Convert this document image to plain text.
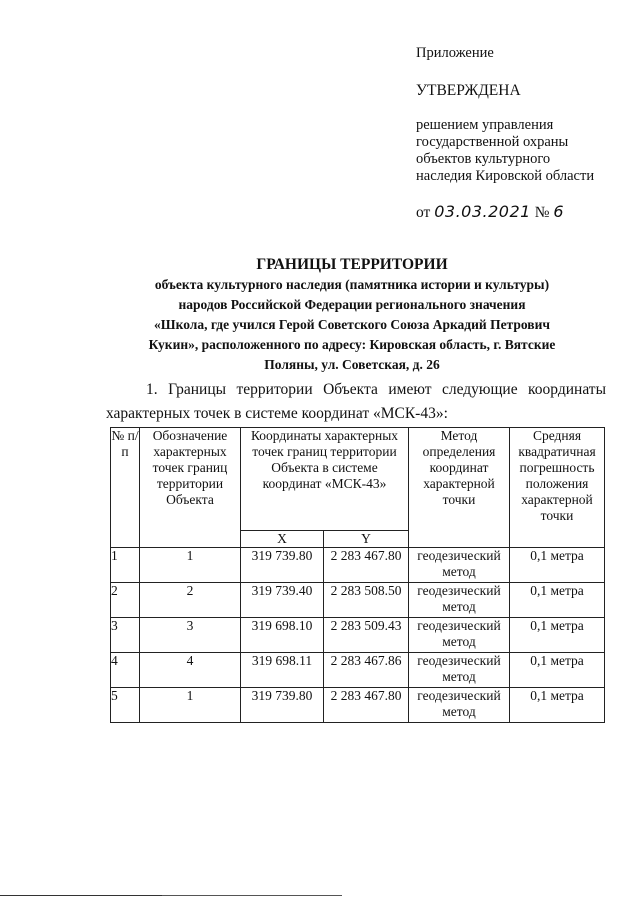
Приложение
УТВЕРЖДЕНА
решением управления
государственной охраны
объектов культурного
наследия Кировской области
от 03.03.2021 № 6
ГРАНИЦЫ ТЕРРИТОРИИ
объекта культурного наследия (памятника истории и культуры)
народов Российской Федерации регионального значения
«Школа, где учился Герой Советского Союза Аркадий Петрович
Кукин», расположенного по адресу: Кировская область, г. Вятские
Поляны, ул. Советская, д. 26
1. Границы территории Объекта имеют следующие координаты
характерных точек в системе координат «МСК-43»:
№ п/п	Обозначение характерных точек границ территории Объекта	Координаты характерных точек границ территории Объекта в системе координат «МСК-43»		Метод определения координат характерной точки	Средняя квадратичная погрешность положения характерной точки
		X	Y		
1	1	319 739.80	2 283 467.80	геодезический метод	0,1 метра
2	2	319 739.40	2 283 508.50	геодезический метод	0,1 метра
3	3	319 698.10	2 283 509.43	геодезический метод	0,1 метра
4	4	319 698.11	2 283 467.86	геодезический метод	0,1 метра
5	1	319 739.80	2 283 467.80	геодезический метод	0,1 метра
